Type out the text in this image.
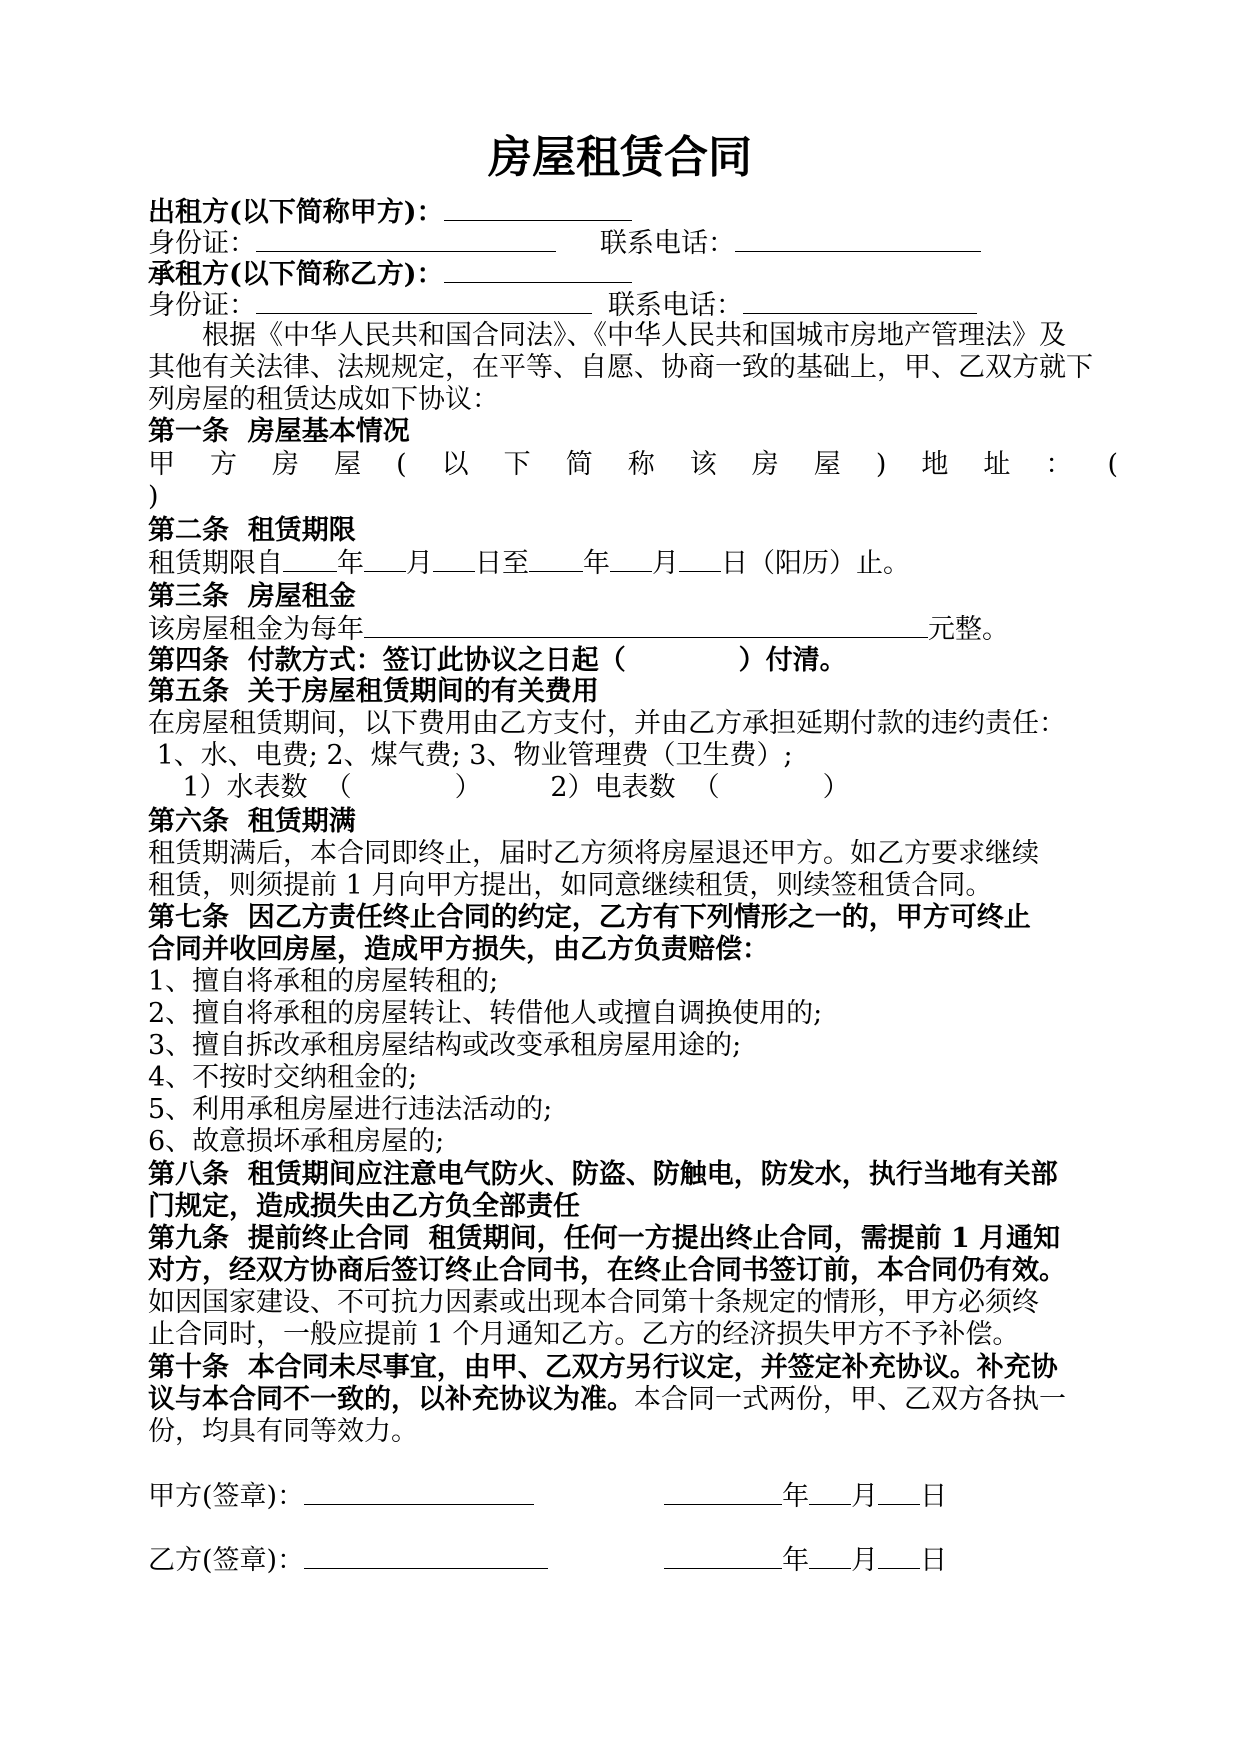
房屋租赁合同
出租方(以下简称甲方)：
身份证：	联系电话：
承租方(以下简称乙方)：
身份证：	联系电话：
　　根据《中华人民共和国合同法》、《中华人民共和国城市房地产管理法》及
其他有关法律、法规规定，在平等、自愿、协商一致的基础上，甲、乙双方就下
列房屋的租赁达成如下协议：
第一条  房屋基本情况
甲方房屋(以下简称该房屋)地址：(
)
第二条  租赁期限
租赁期限自 年 月 日至 年 月 日（阳历）止。
第三条  房屋租金
该房屋租金为每年	元整。
第四条  付款方式：签订此协议之日起（            ）付清。
第五条  关于房屋租赁期间的有关费用
在房屋租赁期间，以下费用由乙方支付，并由乙方承担延期付款的违约责任：
1、水、电费; 2、煤气费; 3、物业管理费（卫生费）;
1）水表数  （            ）        2）电表数  （            ）
第六条  租赁期满
租赁期满后，本合同即终止，届时乙方须将房屋退还甲方。如乙方要求继续
租赁，则须提前 1 月向甲方提出，如同意继续租赁，则续签租赁合同。
第七条  因乙方责任终止合同的约定，乙方有下列情形之一的，甲方可终止
合同并收回房屋，造成甲方损失，由乙方负责赔偿：
1、擅自将承租的房屋转租的;
2、擅自将承租的房屋转让、转借他人或擅自调换使用的;
3、擅自拆改承租房屋结构或改变承租房屋用途的;
4、不按时交纳租金的;
5、利用承租房屋进行违法活动的;
6、故意损坏承租房屋的;
第八条  租赁期间应注意电气防火、防盗、防触电，防发水，执行当地有关部
门规定，造成损失由乙方负全部责任
第九条  提前终止合同  租赁期间，任何一方提出终止合同，需提前 1 月通知
对方，经双方协商后签订终止合同书，在终止合同书签订前，本合同仍有效。
如因国家建设、不可抗力因素或出现本合同第十条规定的情形，甲方必须终
止合同时，一般应提前 1 个月通知乙方。乙方的经济损失甲方不予补偿。
第十条  本合同未尽事宜，由甲、乙双方另行议定，并签定补充协议。补充协
议与本合同不一致的，以补充协议为准。本合同一式两份，甲、乙双方各执一
份，均具有同等效力。
甲方(签章)：	年 月 日
乙方(签章)：	年 月 日
